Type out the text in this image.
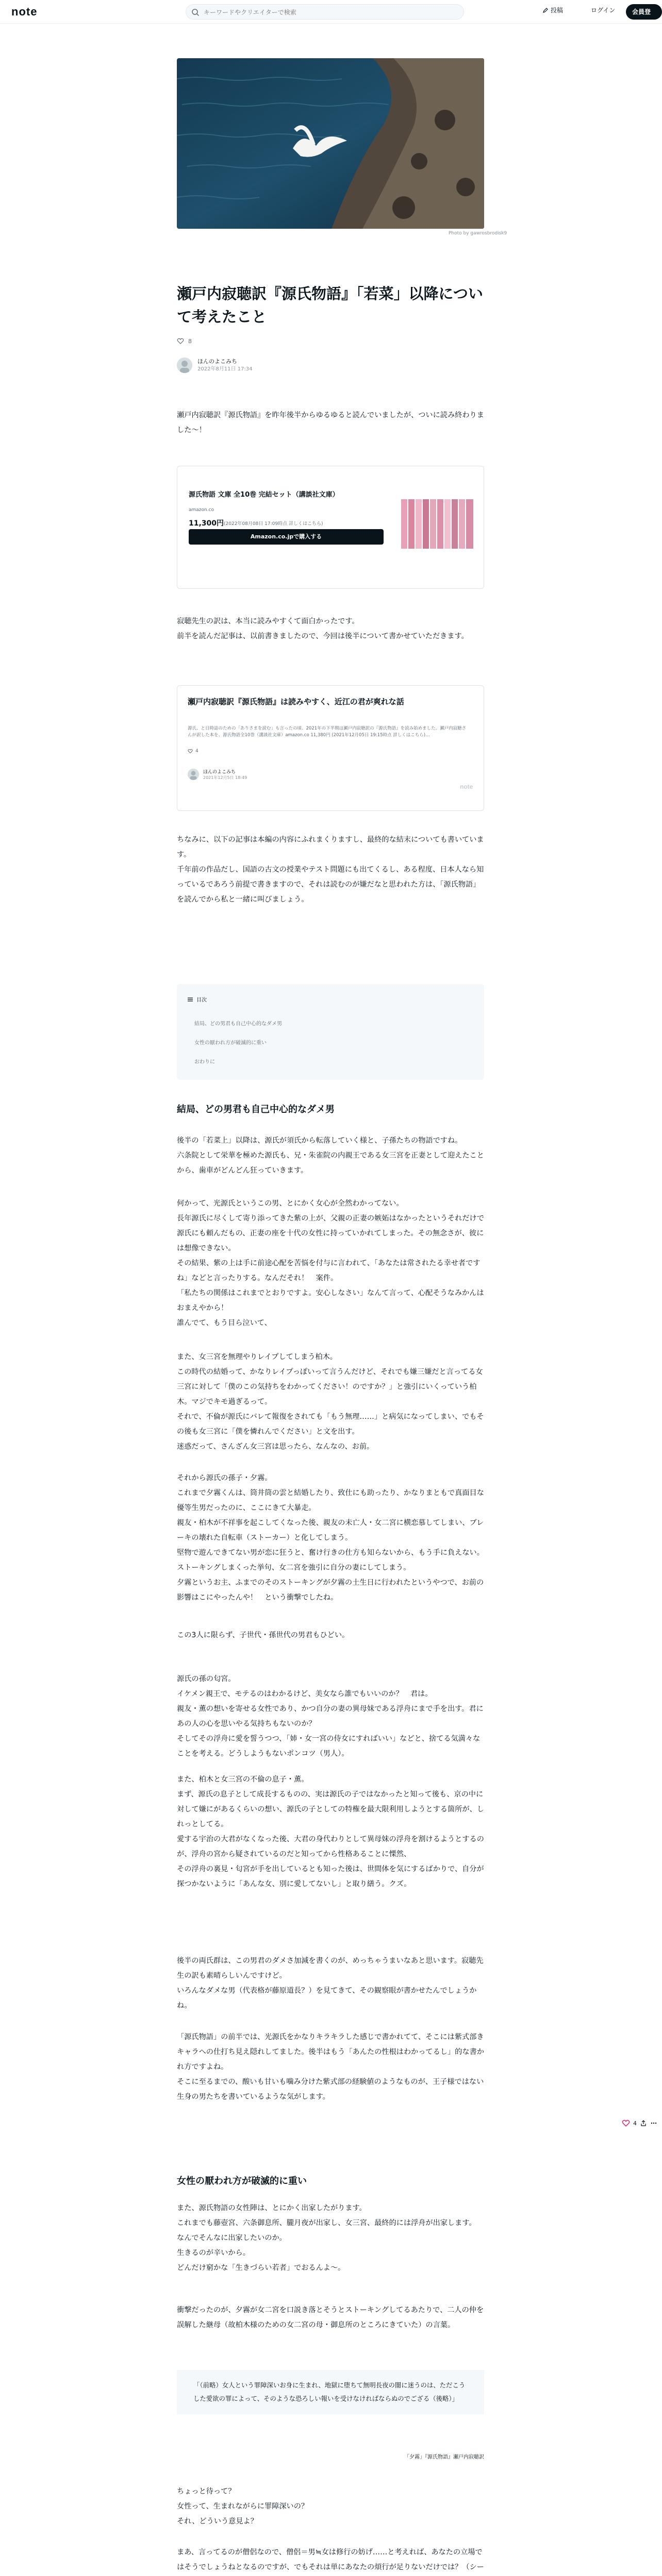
note
キーワードやクリエイターで検索	投稿	ログイン	会員登録
Photo by gawrosbrodisk9
瀬戸内寂聴訳『源氏物語』「若菜」以降について考えたこと
8
ほんのよこみち
2022年8月11日 17:34

瀬戸内寂聴訳『源氏物語』を昨年後半からゆるゆると読んでいましたが、ついに読み終わりました〜！

源氏物語 文庫 全10巻 完結セット（講談社文庫）
amazon.co
11,300円 (2022年08月08日 17:09時点 詳しくはこちら)
Amazon.co.jpで購入する

寂聴先生の訳は、本当に読みやすくて面白かったです。
前半を読んだ記事は、以前書きましたので、今回は後半について書かせていただきます。

瀬戸内寂聴訳『源氏物語』は読みやすく、近江の君が爽れな話
源氏、と日時誌のための「ありさまを読む」も言ったの頃、2021年の下半期は瀬戸内寂聴訳の『源氏物語』を読み始めました。瀬戸内寂聴さんが訳した本を、源氏物語全10巻（講談社文庫）amazon.co 11,380円 (2021年12月05日 19:15時点 詳しくはこちら)…
4
ほんのよこみち
2021年12月5日 18:49
note

ちなみに、以下の記事は本編の内容にふれまくりますし、最終的な結末についても書いています。
千年前の作品だし、国語の古文の授業やテスト問題にも出てくるし、ある程度、日本人なら知っているであろう前提で書きますので、それは読むのが嫌だなと思われた方は、「源氏物語」を読んでから私と一緒に叫びましょう。

目次
結局、どの男君も自己中心的なダメ男
女性の厭われ方が破滅的に重い
おわりに
結局、どの男君も自己中心的なダメ男

後半の「若菜上」以降は、源氏が須氏から転落していく様と、子孫たちの物語ですね。
六条院として栄華を極めた源氏も、兄・朱雀院の内親王である女三宮を正妻として迎えたことから、歯車がどんどん狂っていきます。

何かって、光源氏というこの男、とにかく女心が全然わかってない。
長年源氏に尽くして寄り添ってきた紫の上が、父親の正妻の嫉妬はなかったというそれだけで源氏にも頼んだもの、正妻の座を十代の女性に持っていかれてしまった。その無念さが、彼には想像できない。
その結果、紫の上は手に前途心配を苦悩を付与に言われて、「あなたは常されたる幸せ者ですね」などと言ったりする。なんだそれ！　案件。
「私たちの関係はこれまでとおりですよ。安心しなさい」なんて言って、心配そうなみかんはおまえやから！
誰んでて、もう目ら泣いて、

また、女三宮を無理やりレイプしてしまう柏木。
この時代の結婚って、かなりレイプっぽいって言うんだけど、それでも嫌三嫌だと言ってる女三宮に対して「僕のこの気持ちをわかってください！のですか？」と強引にいくっていう柏木。マジでキモ過ぎるって。
それで、不倫が源氏にバレて報復をされても「もう無理……」と病気になってしまい、でもその後も女三宮に「僕を憐れんでください」と文を出す。
迷惑だって、さんざん女三宮は思ったら、なんなの、お前。

それから源氏の孫子・夕霧。
これまで夕霧くんは、筒井筒の雲と結婚したり、致仕にも助ったり、かなりまともで真面目な優等生男だったのに、ここにきて大暴走。
親友・柏木が不祥事を起こしてくなった後、親友の未亡人・女二宮に横恋慕してしまい、ブレーキの壊れた自転車（ストーカー）と化してしまう。
堅物で遊んできてない男が恋に狂うと、奮け行きの仕方も知らないから、もう手に負えない。
ストーキングしまくった挙句、女二宮を強引に自分の妻にしてしまう。
夕霧というお主、ふまでのそのストーキングが夕霧の土生日に行われたというやつで、お前の影響はこにやったんや！　という衝撃でしたね。

この3人に限らず、子世代・孫世代の男君もひどい。

源氏の孫の匂宮。
イケメン親王で、モテるのはわかるけど、美女なら誰でもいいのか？　君は。
親友・薫の想いを寄せる女性であり、かつ自分の妻の異母妹である浮舟にまで手を出す。君にあの人の心を思いやる気持ちもないのか？
そしてその浮舟に愛を誓うつつ、「姉・女一宮の侍女にすればいい」などと、捨てる気満々なことを考える。どうしようもないポンコツ（男人）。

また、柏木と女三宮の不倫の息子・薫。
まず、源氏の息子として成長するものの、実は源氏の子ではなかったと知って後も、京の中に対して嫌にがあるくらいの想い、源氏の子としての特権を最大限利用しようとする箇所が、しれっとしてる。
愛する宇治の大君がなくなった後、大君の身代わりとして異母妹の浮舟を割けるようとするのが、浮舟の宮から疑されているのだと知ってから性格あることに慄然、
その浮舟の裏見・匂宮が手を出しているとも知った後は、世間体を気にするばかりで、自分が探つかないように「あんな女、別に愛してないし」と取り繕う。クズ。

後半の両氏群は、この男君のダメさ加減を書くのが、めっちゃうまいなあと思います。寂聴先生の訳も素晴らしいんですけど。
いろんなダメな男（代表格が藤原道長？）を見てきて、その観察眼が書かせたんでしょうかね。

「源氏物語」の前半では、光源氏をかなりキラキラした感じで書かれてて、そこには紫式部きキャラへの仕打ち見え隠れしてました。後半はもう「あんたの性根はわかってるし」的な書かれ方ですよね。
そこに至るまでの、酸いも甘いも噛み分けた紫式部の経験値のようなものが、王子様ではない生身の男たちを書いているような気がします。

女性の厭われ方が破滅的に重い

また、源氏物語の女性陣は、とにかく出家したがります。
これまでも藤壺宮、六条御息所、朧月夜が出家し、女三宮、最終的には浮舟が出家します。
なんでそんなに出家したいのか。
生きるのが辛いから。
どんだけ窮かな「生きづらい若者」でおるんよ〜。

衝撃だったのが、夕霧が女二宮を口説き落とそうとストーキングしてるあたりで、二人の仲を誤解した継母（故柏木様のための女二宮の母・御息所のところにきていた）の言葉。

「（前略）女人という罪障深いお身に生まれ、地獄に堕ちて無明長夜の闇に迷うのは、ただこうした愛欲の罪によって、そのような恐ろしい報いを受けなければならぬのでござる（後略）」
「夕霧」『源氏物語』瀬戸内寂聴訳

ちょっと待って？
女性って、生まれながらに罪障深いの？
それ、どういう意見よ？

まあ、言ってるのが僧侶なので、僧侶＝男≒女は修行の妨げ……と考えれば、あなたの立場ではそうでしょうねとなるのですが、でもそれは単にあなたの煩行が足りないだけでは？（シー

4
